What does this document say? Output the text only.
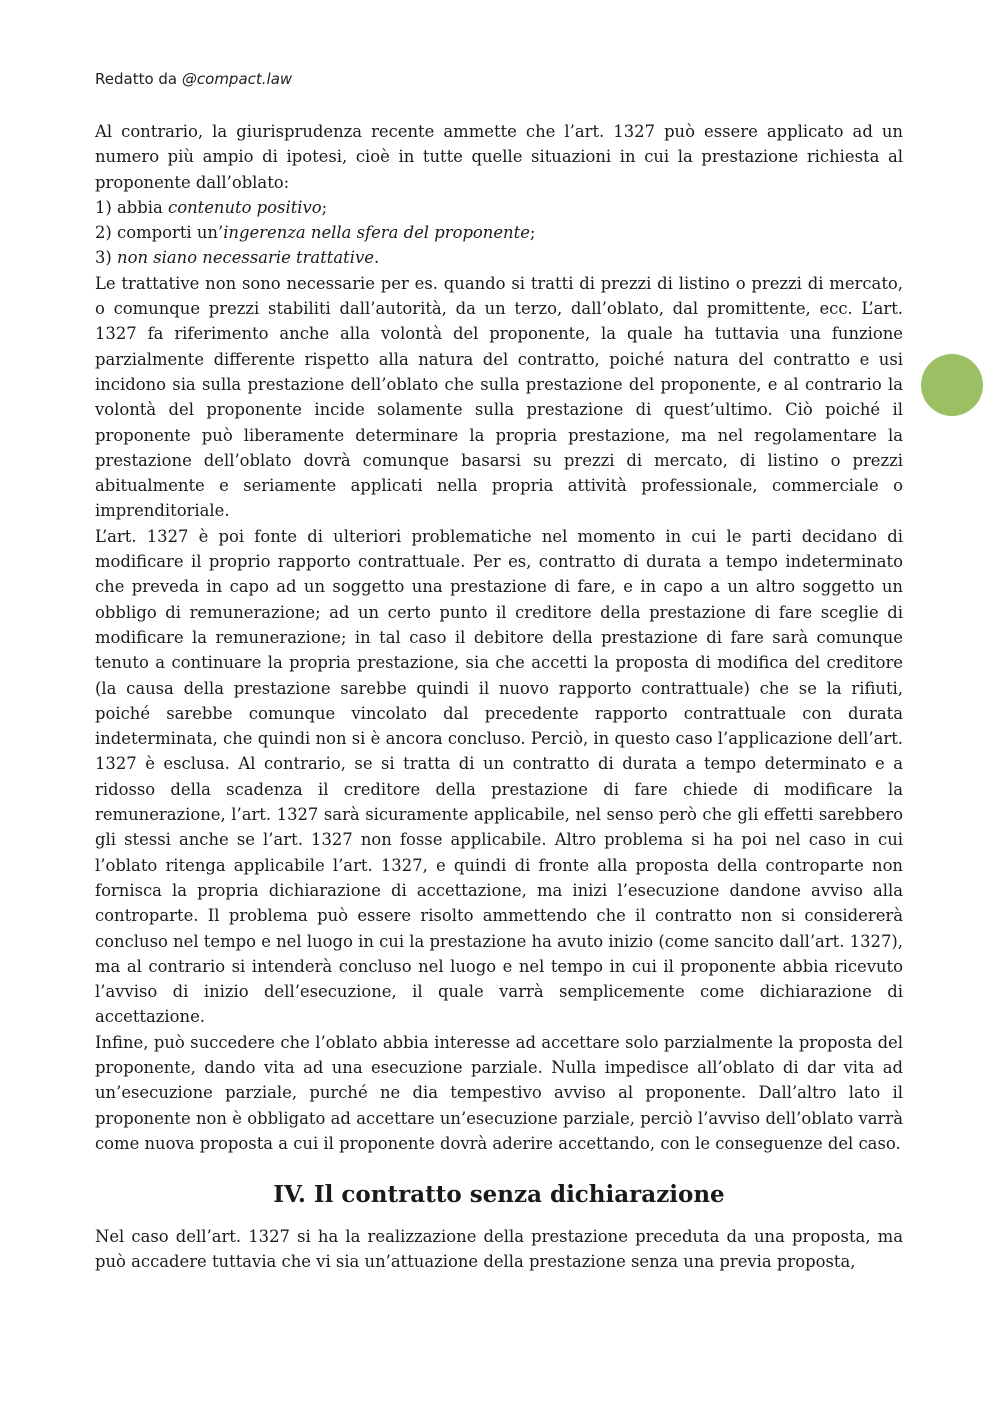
Redatto da @compact.law

Al contrario, la giurisprudenza recente ammette che l’art. 1327 può essere applicato ad un numero più ampio di ipotesi, cioè in tutte quelle situazioni in cui la prestazione richiesta al proponente dall’oblato:

1) abbia contenuto positivo;

2) comporti un’ingerenza nella sfera del proponente;

3) non siano necessarie trattative.

Le trattative non sono necessarie per es. quando si tratti di prezzi di listino o prezzi di mercato, o comunque prezzi stabiliti dall’autorità, da un terzo, dall’oblato, dal promittente, ecc. L’art. 1327 fa riferimento anche alla volontà del proponente, la quale ha tuttavia una funzione parzialmente differente rispetto alla natura del contratto, poiché natura del contratto e usi incidono sia sulla prestazione dell’oblato che sulla prestazione del proponente, e al contrario la volontà del proponente incide solamente sulla prestazione di quest’ultimo. Ciò poiché il proponente può liberamente determinare la propria prestazione, ma nel regolamentare la prestazione dell’oblato dovrà comunque basarsi su prezzi di mercato, di listino o prezzi abitualmente e seriamente applicati nella propria attività professionale, commerciale o imprenditoriale.

L’art. 1327 è poi fonte di ulteriori problematiche nel momento in cui le parti decidano di modificare il proprio rapporto contrattuale. Per es, contratto di durata a tempo indeterminato che preveda in capo ad un soggetto una prestazione di fare, e in capo a un altro soggetto un obbligo di remunerazione; ad un certo punto il creditore della prestazione di fare sceglie di modificare la remunerazione; in tal caso il debitore della prestazione di fare sarà comunque tenuto a continuare la propria prestazione, sia che accetti la proposta di modifica del creditore (la causa della prestazione sarebbe quindi il nuovo rapporto contrattuale) che se la rifiuti, poiché sarebbe comunque vincolato dal precedente rapporto contrattuale con durata indeterminata, che quindi non si è ancora concluso. Perciò, in questo caso l’applicazione dell’art. 1327 è esclusa. Al contrario, se si tratta di un contratto di durata a tempo determinato e a ridosso della scadenza il creditore della prestazione di fare chiede di modificare la remunerazione, l’art. 1327 sarà sicuramente applicabile, nel senso però che gli effetti sarebbero gli stessi anche se l’art. 1327 non fosse applicabile. Altro problema si ha poi nel caso in cui l’oblato ritenga applicabile l’art. 1327, e quindi di fronte alla proposta della controparte non fornisca la propria dichiarazione di accettazione, ma inizi l’esecuzione dandone avviso alla controparte. Il problema può essere risolto ammettendo che il contratto non si considererà concluso nel tempo e nel luogo in cui la prestazione ha avuto inizio (come sancito dall’art. 1327), ma al contrario si intenderà concluso nel luogo e nel tempo in cui il proponente abbia ricevuto l’avviso di inizio dell’esecuzione, il quale varrà semplicemente come dichiarazione di accettazione.

Infine, può succedere che l’oblato abbia interesse ad accettare solo parzialmente la proposta del proponente, dando vita ad una esecuzione parziale. Nulla impedisce all’oblato di dar vita ad un’esecuzione parziale, purché ne dia tempestivo avviso al proponente. Dall’altro lato il proponente non è obbligato ad accettare un’esecuzione parziale, perciò l’avviso dell’oblato varrà come nuova proposta a cui il proponente dovrà aderire accettando, con le conseguenze del caso.

IV. Il contratto senza dichiarazione

Nel caso dell’art. 1327 si ha la realizzazione della prestazione preceduta da una proposta, ma può accadere tuttavia che vi sia un’attuazione della prestazione senza una previa proposta,
